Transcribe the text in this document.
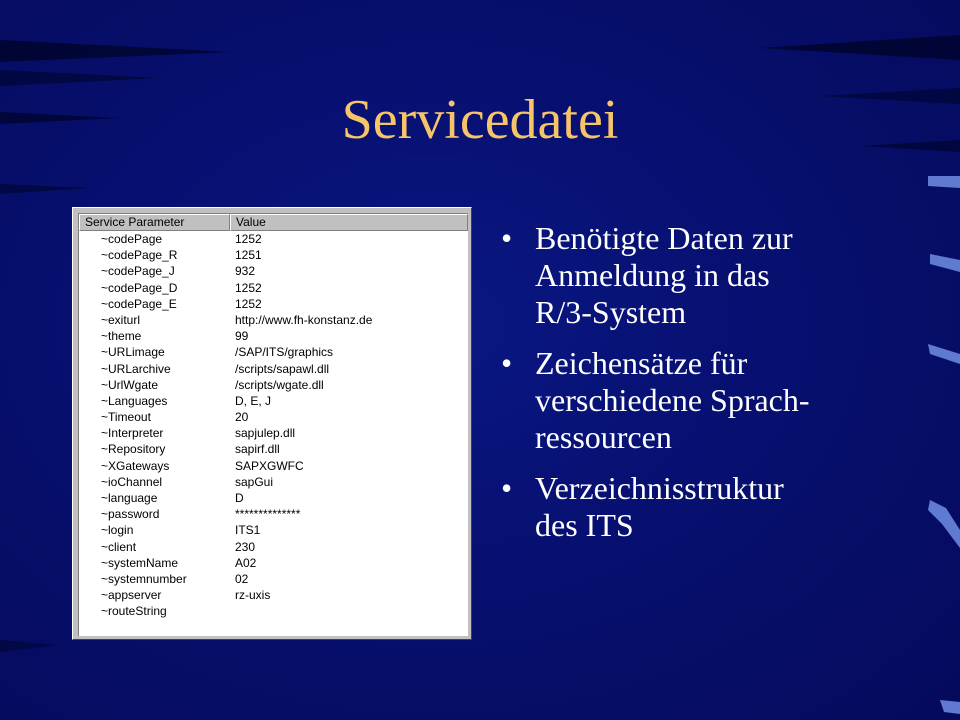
Servicedatei
Service Parameter	Value
~codePage	1252
~codePage_R	1251
~codePage_J	932
~codePage_D	1252
~codePage_E	1252
~exiturl	http://www.fh-konstanz.de
~theme	99
~URLimage	/SAP/ITS/graphics
~URLarchive	/scripts/sapawl.dll
~UrlWgate	/scripts/wgate.dll
~Languages	D, E, J
~Timeout	20
~Interpreter	sapjulep.dll
~Repository	sapirf.dll
~XGateways	SAPXGWFC
~ioChannel	sapGui
~language	D
~password	**************
~login	ITS1
~client	230
~systemName	A02
~systemnumber	02
~appserver	rz-uxis
~routeString
• Benötigte Daten zur
Anmeldung in das
R/3-System
• Zeichensätze für
verschiedene Sprach-
ressourcen
• Verzeichnisstruktur
des ITS
